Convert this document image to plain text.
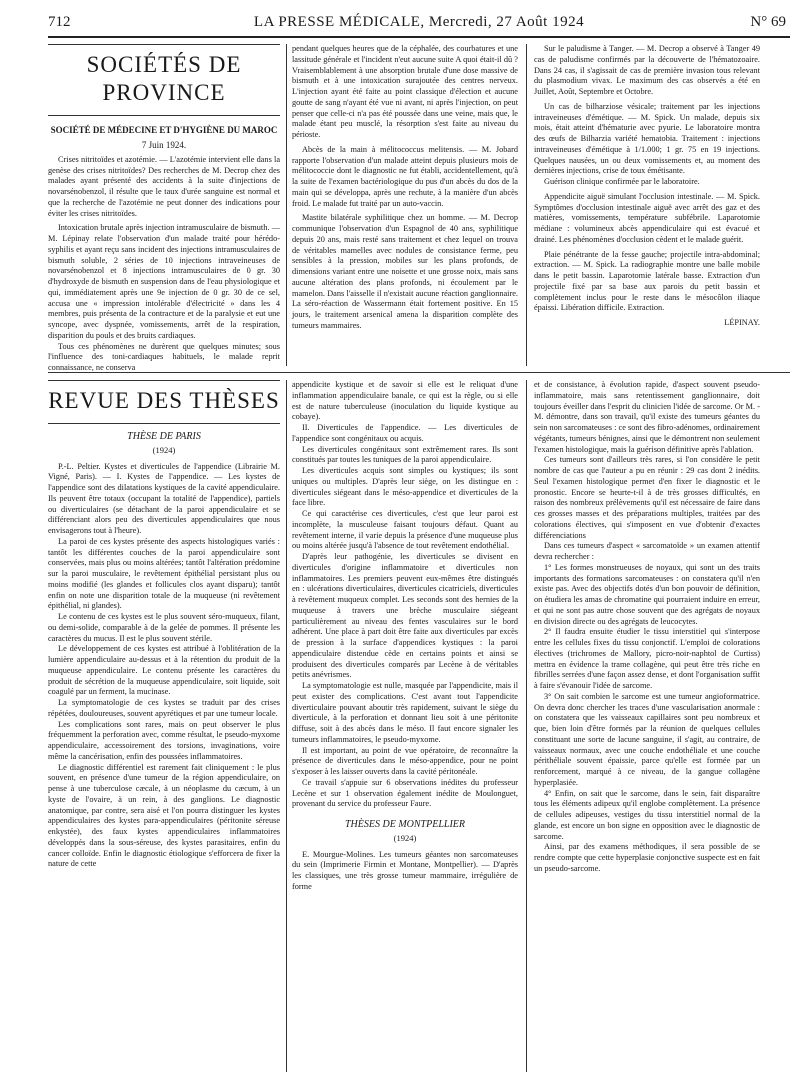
712	LA PRESSE MÉDICALE, Mercredi, 27 Août 1924	N° 69
SOCIÉTÉS DE PROVINCE
SOCIÉTÉ DE MÉDECINE ET D'HYGIÈNE DU MAROC
7 Juin 1924.

Crises nitritoïdes et azotémie. — L'azotémie intervient elle dans la genèse des crises nitritoïdes? Des recherches de M. Decrop chez des malades ayant présenté des accidents à la suite d'injections de novarsénobenzol, il résulte que le taux d'urée sanguine est normal et que la recherche de l'azotémie ne peut donner des indications pour éviter les crises nitritoïdes.

Intoxication brutale après injection intramusculaire de bismuth. — M. Lépinay relate l'observation d'un malade traité pour hérédo-syphilis et ayant reçu sans incident des injections intramusculaires de bismuth soluble, 2 séries de 10 injections intraveineuses de novarsénobenzol et 8 injections intramusculaires de 0 gr. 30 d'hydroxyde de bismuth en suspension dans de l'eau physiologique et qui, immédiatement après une 9e injection de 0 gr. 30 de ce sel, accusa une « impression intolérable d'électricité » dans les 4 membres, puis présenta de la contracture et de la paralysie et eut une syncope, avec dyspnée, vomissements, arrêt de la respiration, disparition du pouls et des bruits cardiaques.

Tous ces phénomènes ne durèrent que quelques minutes; sous l'influence des toni-cardiaques habituels, le malade reprit connaissance, ne conserva

pendant quelques heures que de la céphalée, des courbatures et une lassitude générale et l'incident n'eut aucune suite A quoi était-il dû ? Vraisemblablement à une absorption brutale d'une dose massive de bismuth et à une intoxication surajoutée des centres nerveux. L'injection ayant été faite au point classique d'élection et aucune goutte de sang n'ayant été vue ni avant, ni après l'injection, on peut penser que celle-ci n'a pas été poussée dans une veine, mais que, le malade étant peu musclé, la résorption s'est faite au niveau du périoste.

Abcès de la main à mélitococcus melitensis. — M. Jobard rapporte l'observation d'un malade atteint depuis plusieurs mois de mélitococcie dont le diagnostic ne fut établi, accidentellement, qu'à la suite de l'examen bactériologique du pus d'un abcès du dos de la main qui se développa, après une rechute, à la manière d'un abcès froid. Le malade fut traité par un auto-vaccin.

Mastite bilatérale syphilitique chez un homme. — M. Decrop communique l'observation d'un Espagnol de 40 ans, syphilitique depuis 20 ans, mais resté sans traitement et chez lequel on trouva de véritables mamelles avec nodules de consistance ferme, peu sensibles à la pression, mobiles sur les plans profonds, de dimensions variant entre une noisette et une grosse noix, mais sans aucune altération des plans profonds, ni écoulement par le mamelon. Dans l'aisselle il n'existait aucune réaction ganglionnaire. La séro-réaction de Wassermann était fortement positive. En 15 jours, le traitement arsenical amena la disparition complète des tumeurs mammaires.

Sur le paludisme à Tanger. — M. Decrop a observé à Tanger 49 cas de paludisme confirmés par la découverte de l'hématozoaire. Dans 24 cas, il s'agissait de cas de première invasion tous relevant du plasmodium vivax. Le maximum des cas observés a été en Juillet, Août, Septembre et Octobre.

Un cas de bilharziose vésicale; traitement par les injections intraveineuses d'émétique. — M. Spick. Un malade, depuis six mois, était atteint d'hématurie avec pyurie. Le laboratoire montra des œufs de Bilharzia variété hematobia. Traitement : injections intraveineuses d'émétique à 1/1.000; 1 gr. 75 en 19 injections. Quelques nausées, un ou deux vomissements et, au moment des dernières injections, crise de toux émétisante.

Guérison clinique confirmée par le laboratoire.

Appendicite aiguë simulant l'occlusion intestinale. — M. Spick. Symptômes d'occlusion intestinale aiguë avec arrêt des gaz et des matières, vomissements, température subfébrile. Laparotomie médiane : volumineux abcès appendiculaire qui est évacué et drainé. Les phénomènes d'occlusion cèdent et le malade guérit.

Plaie pénétrante de la fesse gauche; projectile intra-abdominal; extraction. — M. Spick. La radiographie montre une balle mobile dans le petit bassin. Laparotomie latérale basse. Extraction d'un projectile fixé par sa base aux parois du petit bassin et complètement inclus pour le reste dans le mésocôlon iliaque épaissi. Libération difficile. Extraction.

LÉPINAY.

REVUE DES THÈSES
THÈSE DE PARIS
(1924)

P.-L. Peltier. Kystes et diverticules de l'appendice (Librairie M. Vigné, Paris). — I. Kystes de l'appendice. — Les kystes de l'appendice sont des dilatations kystiques de la cavité appendiculaire. Ils peuvent être totaux (occupant la totalité de l'appendice), partiels ou diverticulaires (se détachant de la paroi appendiculaire et se différenciant alors peu des diverticules appendiculaires que nous envisagerons tout à l'heure).

La paroi de ces kystes présente des aspects histologiques variés : tantôt les différentes couches de la paroi appendiculaire sont conservées, mais plus ou moins altérées; tantôt l'altération prédomine sur la paroi musculaire, le revêtement épithélial persistant plus ou moins modifié (les glandes et follicules clos ayant disparu); tantôt enfin on note une disparition totale de la muqueuse (ni revêtement épithélial, ni glandes).

Le contenu de ces kystes est le plus souvent séro-muqueux, filant, ou demi-solide, comparable à de la gelée de pommes. Il présente les caractères du mucus. Il est le plus souvent stérile.

Le développement de ces kystes est attribué à l'oblitération de la lumière appendiculaire au-dessus et à la rétention du produit de la muqueuse appendiculaire. Le contenu présente les caractères du produit de sécrétion de la muqueuse appendiculaire, soit liquide, soit coagulé par un ferment, la mucinase.

La symptomatologie de ces kystes se traduit par des crises répétées, douloureuses, souvent apyrétiques et par une tumeur locale.

Les complications sont rares, mais on peut observer le plus fréquemment la perforation avec, comme résultat, le pseudo-myxome appendiculaire, accessoirement des torsions, invaginations, voire même la cancérisation, enfin des poussées inflammatoires.

Le diagnostic différentiel est rarement fait cliniquement : le plus souvent, en présence d'une tumeur de la région appendiculaire, on pense à une tuberculose cæcale, à un néoplasme du cæcum, à un kyste de l'ovaire, à un rein, à des ganglions. Le diagnostic anatomique, par contre, sera aisé et l'on pourra distinguer les kystes appendiculaires des kystes para-appendiculaires (péritonite séreuse enkystée), des faux kystes appendiculaires inflammatoires développés dans la sous-séreuse, des kystes parasitaires, enfin du cancer colloïde. Enfin le diagnostic étiologique s'efforcera de fixer la nature de cette

appendicite kystique et de savoir si elle est le reliquat d'une inflammation appendiculaire banale, ce qui est la règle, ou si elle est de nature tuberculeuse (inoculation du liquide kystique au cobaye).

II. Diverticules de l'appendice. — Les diverticules de l'appendice sont congénitaux ou acquis.

Les diverticules congénitaux sont extrêmement rares. Ils sont constitués par toutes les tuniques de la paroi appendiculaire.

Les diverticules acquis sont simples ou kystiques; ils sont uniques ou multiples. D'après leur siège, on les distingue en : diverticules siégeant dans le méso-appendice et diverticules de la face libre.

Ce qui caractérise ces diverticules, c'est que leur paroi est incomplète, la musculeuse faisant toujours défaut. Quant au revêtement interne, il varie depuis la présence d'une muqueuse plus ou moins altérée jusqu'à l'absence de tout revêtement endothélial.

D'après leur pathogénie, les diverticules se divisent en diverticules d'origine inflammatoire et diverticules non inflammatoires. Les premiers peuvent eux-mêmes être distingués en : ulcérations diverticulaires, diverticules cicatriciels, diverticules à revêtement muqueux complet. Les seconds sont des hernies de la muqueuse à travers une brèche musculaire siégeant particulièrement au niveau des fentes vasculaires sur le bord adhérent. Une place à part doit être faite aux diverticules par excès de pression à la surface d'appendices kystiques : la paroi appendiculaire distendue cède en certains points et ainsi se produisent des diverticules comparés par Lecène à de véritables petits anévrismes.

La symptomatologie est nulle, masquée par l'appendicite, mais il peut exister des complications. C'est avant tout l'appendicite diverticulaire pouvant aboutir très rapidement, suivant le siège du diverticule, à la perforation et donnant lieu soit à une péritonite diffuse, soit à des abcès dans le méso. Il faut encore signaler les tumeurs inflammatoires, le pseudo-myxome.

Il est important, au point de vue opératoire, de reconnaître la présence de diverticules dans le méso-appendice, pour ne point s'exposer à les laisser ouverts dans la cavité péritonéale.

Ce travail s'appuie sur 6 observations inédites du professeur Lecène et sur 1 observation également inédite de Moulonguet, provenant du service du professeur Faure.

THÈSES DE MONTPELLIER
(1924)

E. Mourgue-Molines. Les tumeurs géantes non sarcomateuses du sein (Imprimerie Firmin et Montane, Montpellier). — D'après les classiques, une très grosse tumeur mammaire, irrégulière de forme

et de consistance, à évolution rapide, d'aspect souvent pseudo-inflammatoire, mais sans retentissement ganglionnaire, doit toujours éveiller dans l'esprit du clinicien l'idée de sarcome. Or M. -M. démontre, dans son travail, qu'il existe des tumeurs géantes du sein non sarcomateuses : ce sont des fibro-adénomes, ordinairement végétants, tumeurs bénignes, ainsi que le démontrent non seulement l'examen histologique, mais la guérison définitive après l'ablation.

Ces tumeurs sont d'ailleurs très rares, si l'on considère le petit nombre de cas que l'auteur a pu en réunir : 29 cas dont 2 inédits. Seul l'examen histologique permet d'en fixer le diagnostic et le pronostic. Encore se heurte-t-il à de très grosses difficultés, en raison des nombreux prélèvements qu'il est nécessaire de faire dans ces grosses masses et des préparations multiples, traitées par des colorations électives, qui s'imposent en vue d'obtenir d'exactes différenciations

Dans ces tumeurs d'aspect « sarcomatoïde » un examen attentif devra rechercher :

1° Les formes monstrueuses de noyaux, qui sont un des traits importants des formations sarcomateuses : on constatera qu'il n'en existe pas. Avec des objectifs dotés d'un bon pouvoir de définition, on étudiera les amas de chromatine qui pourraient induire en erreur, et qui ne sont pas autre chose souvent que des agrégats de noyaux en division directe ou des agrégats de leucocytes.

2° Il faudra ensuite étudier le tissu interstitiel qui s'interpose entre les cellules fixes du tissu conjonctif. L'emploi de colorations électives (trichromes de Mallory, picro-noir-naphtol de Curtiss) mettra en évidence la trame collagène, qui peut être très riche en fibrilles serrées d'une façon assez dense, et dont l'organisation suffit à faire s'évanouir l'idée de sarcome.

3° On sait combien le sarcome est une tumeur angioformatrice. On devra donc chercher les traces d'une vascularisation anormale : on constatera que les vaisseaux capillaires sont peu nombreux et que, bien loin d'être formés par la réunion de quelques cellules constituant une sorte de lacune sanguine, il s'agit, au contraire, de vaisseaux normaux, avec une couche endothéliale et une couche périthéliale souvent épaissie, parce qu'elle est formée par un renforcement, marqué à ce niveau, de la gangue collagène hyperplasiée.

4° Enfin, on sait que le sarcome, dans le sein, fait disparaître tous les éléments adipeux qu'il englobe complètement. La présence de cellules adipeuses, vestiges du tissu interstitiel normal de la glande, est encore un bon signe en opposition avec le diagnostic de sarcome.

Ainsi, par des examens méthodiques, il sera possible de se rendre compte que cette hyperplasie conjonctive suspecte est en fait un pseudo-sarcome.
